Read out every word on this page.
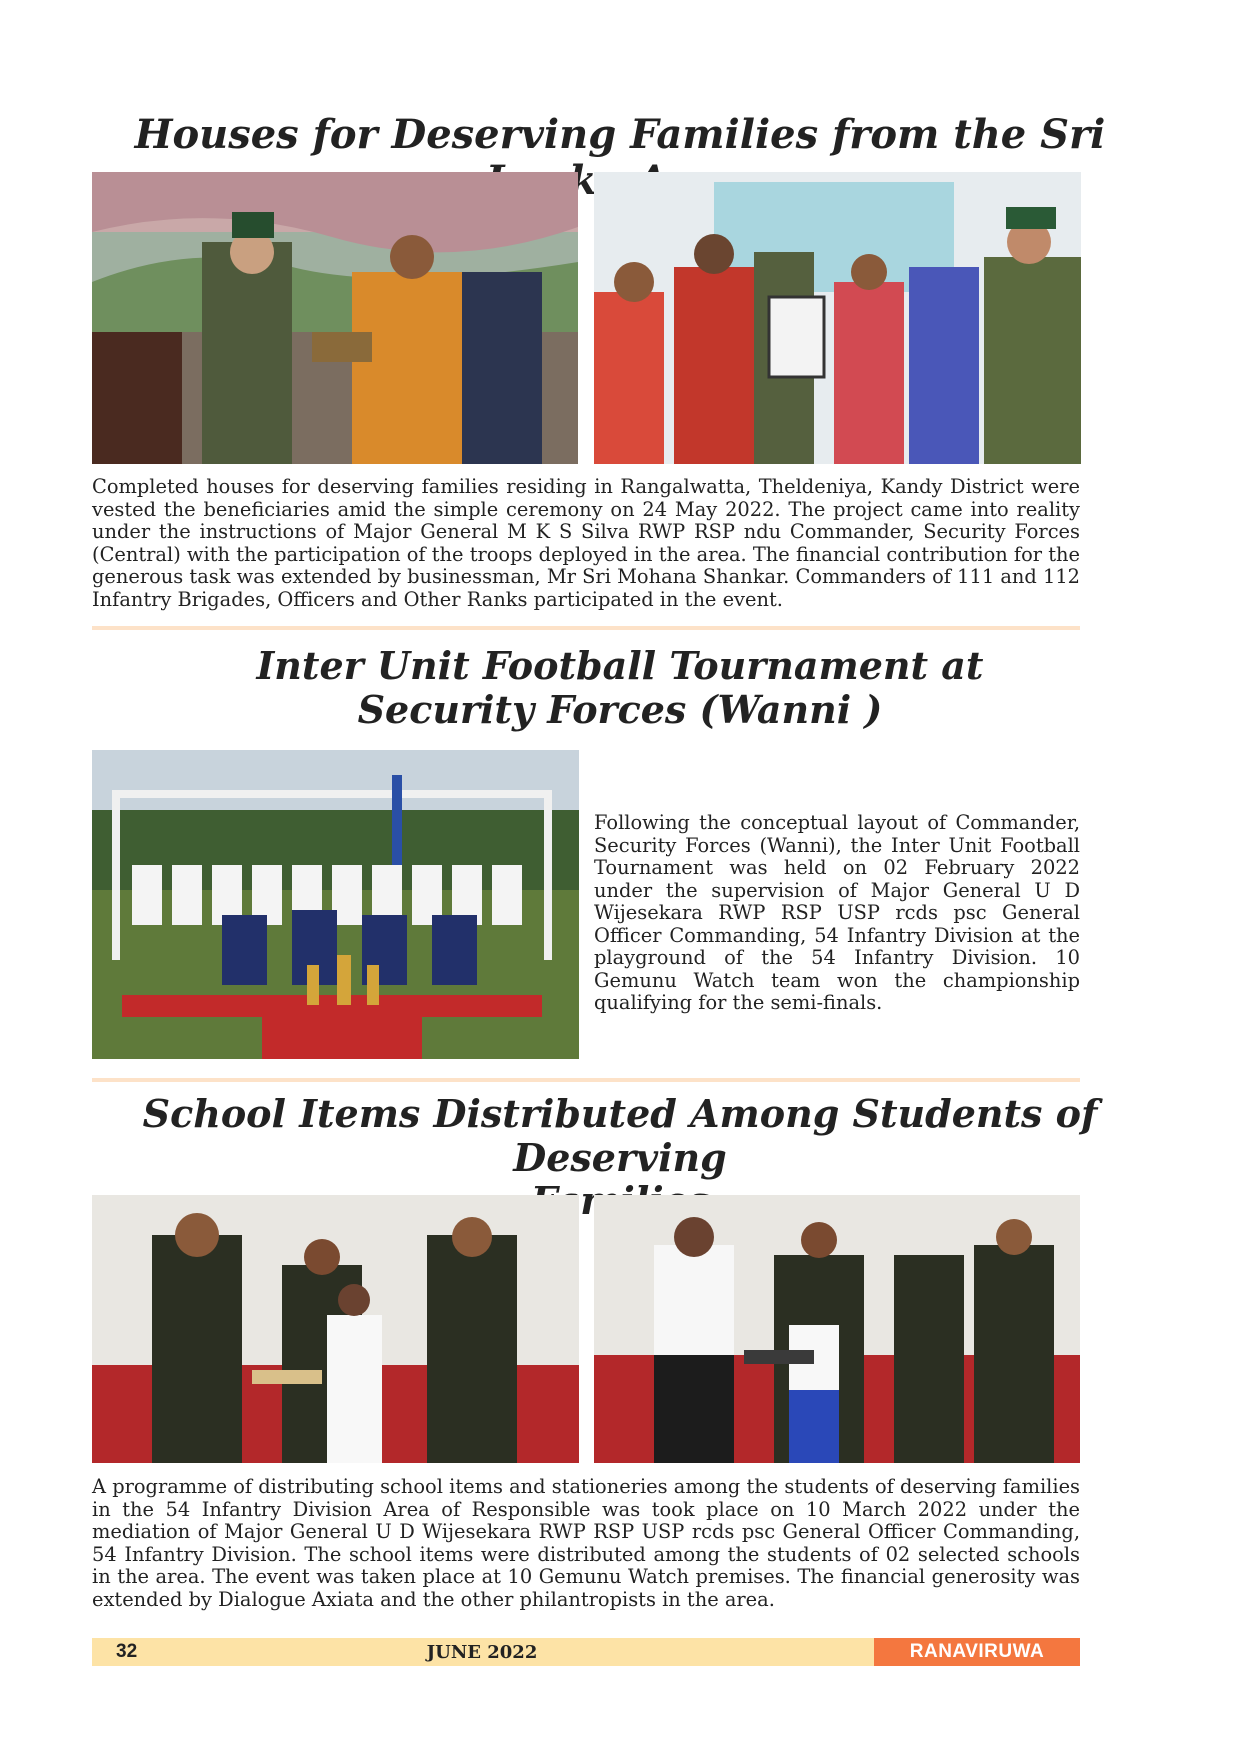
Houses for Deserving Families from the Sri

Completed houses for deserving families residing in Rangalwatta, Theldeniya, Kandy District were vested the beneficiaries amid the simple ceremony on 24 May 2022. The project came into reality under the instructions of Major General M K S Silva RWP RSP ndu Commander, Security Forces (Central) with the participation of the troops deployed in the area. The financial contribution for the generous task was extended by businessman, Mr Sri Mohana Shankar. Commanders of 111 and 112 Infantry Brigades, Officers and Other Ranks participated in the event.

Inter Unit Football Tournament at
Security Forces (Wanni )

Following the conceptual layout of Commander, Security Forces (Wanni), the Inter Unit Football Tournament was held on 02 February 2022 under the supervision of Major General U D Wijesekara RWP RSP USP rcds psc General Officer Commanding, 54 Infantry Division at the playground of the 54 Infantry Division. 10 Gemunu Watch team won the championship qualifying for the semi-finals.

School Items Distributed Among Students of Deserving

A programme of distributing school items and stationeries among the students of deserving families in the 54 Infantry Division Area of Responsible was took place on 10 March 2022 under the mediation of Major General U D Wijesekara RWP RSP USP rcds psc General Officer Commanding, 54 Infantry Division. The school items were distributed among the students of 02 selected schools in the area. The event was taken place at 10 Gemunu Watch premises. The financial generosity was extended by Dialogue Axiata and the other philantropists in the area.

32	JUNE 2022	RANAVIRUWA
